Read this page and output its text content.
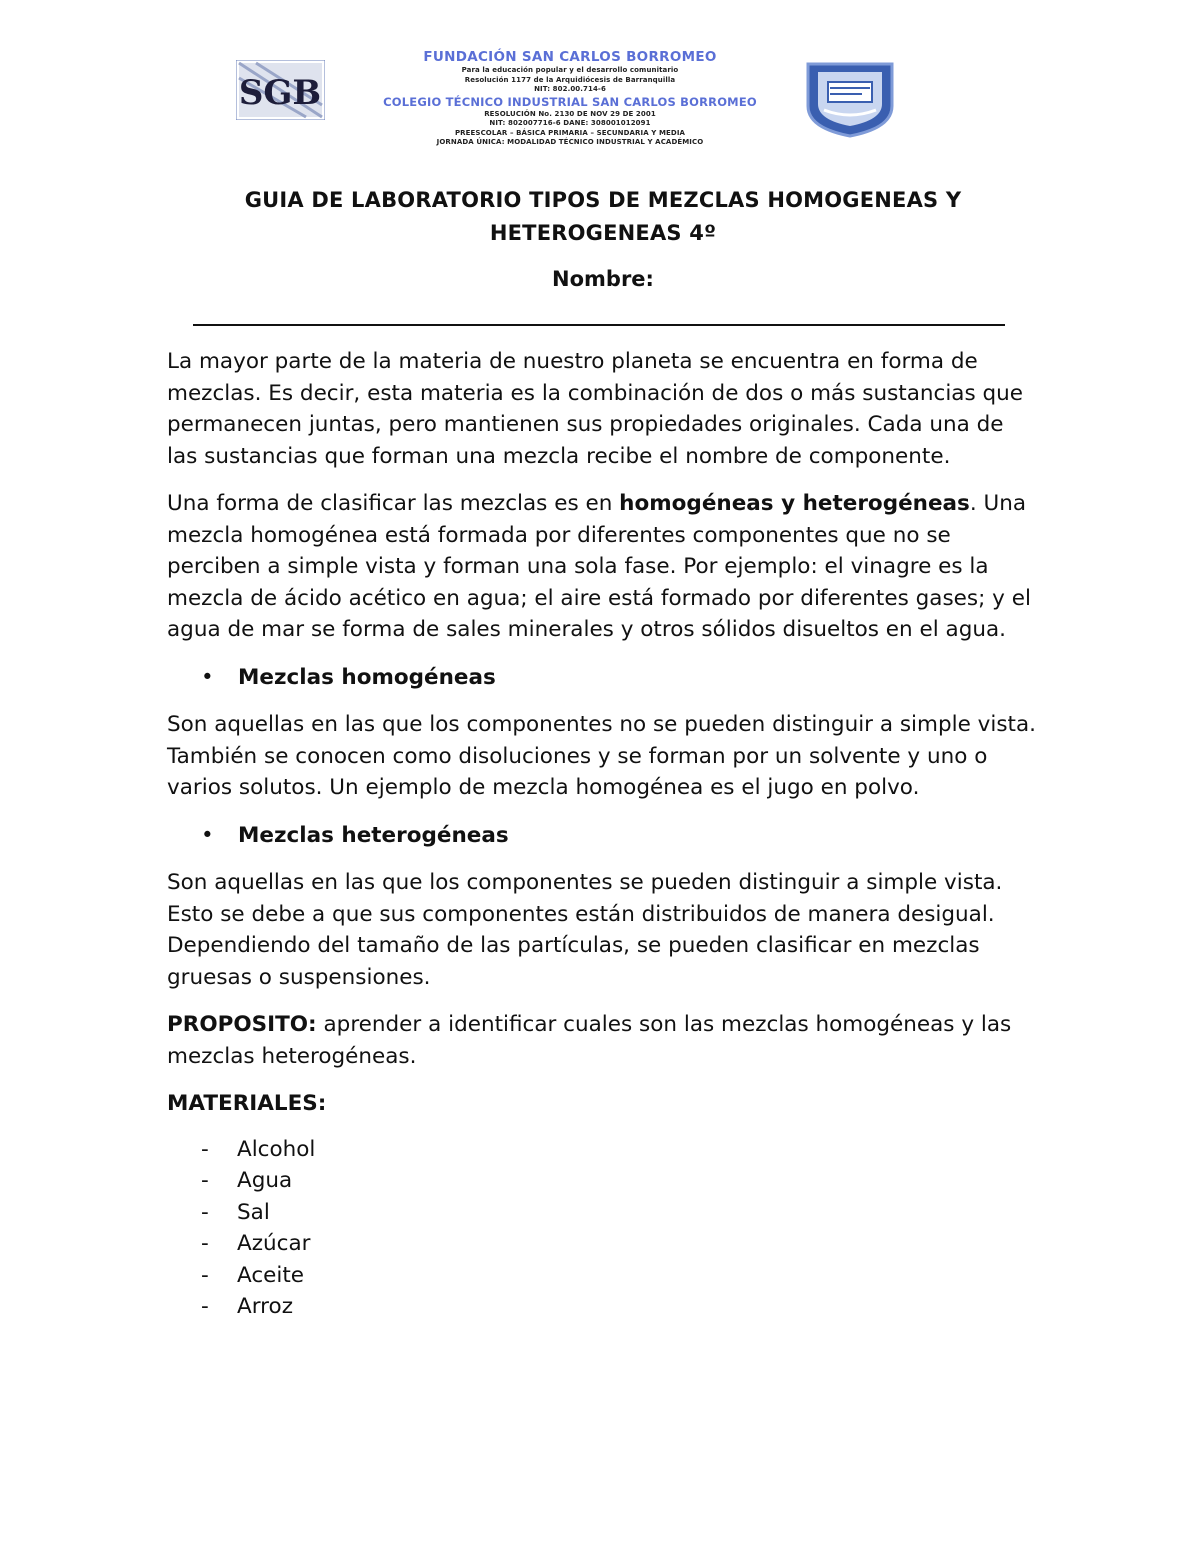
SGB
FUNDACIÓN SAN CARLOS BORROMEO
Para la educación popular y el desarrollo comunitario
Resolución 1177 de la Arquidiócesis de Barranquilla
NIT: 802.00.714-6
COLEGIO TÉCNICO INDUSTRIAL SAN CARLOS BORROMEO
RESOLUCIÓN No. 2130 DE NOV 29 DE 2001
NIT: 802007716-6 DANE: 308001012091
PREESCOLAR – BÁSICA PRIMARIA – SECUNDARIA Y MEDIA
JORNADA ÚNICA: MODALIDAD TÉCNICO INDUSTRIAL Y ACADÉMICO
GUIA DE LABORATORIO TIPOS DE MEZCLAS HOMOGENEAS Y HETEROGENEAS 4º
Nombre:

La mayor parte de la materia de nuestro planeta se encuentra en forma de mezclas. Es decir, esta materia es la combinación de dos o más sustancias que permanecen juntas, pero mantienen sus propiedades originales. Cada una de las sustancias que forman una mezcla recibe el nombre de componente.

Una forma de clasificar las mezclas es en homogéneas y heterogéneas. Una mezcla homogénea está formada por diferentes componentes que no se perciben a simple vista y forman una sola fase. Por ejemplo: el vinagre es la mezcla de ácido acético en agua; el aire está formado por diferentes gases; y el agua de mar se forma de sales minerales y otros sólidos disueltos en el agua.

• Mezclas homogéneas

Son aquellas en las que los componentes no se pueden distinguir a simple vista. También se conocen como disoluciones y se forman por un solvente y uno o varios solutos. Un ejemplo de mezcla homogénea es el jugo en polvo.

• Mezclas heterogéneas

Son aquellas en las que los componentes se pueden distinguir a simple vista. Esto se debe a que sus componentes están distribuidos de manera desigual. Dependiendo del tamaño de las partículas, se pueden clasificar en mezclas gruesas o suspensiones.

PROPOSITO: aprender a identificar cuales son las mezclas homogéneas y las mezclas heterogéneas.

MATERIALES:

- Alcohol
- Agua
- Sal
- Azúcar
- Aceite
- Arroz
